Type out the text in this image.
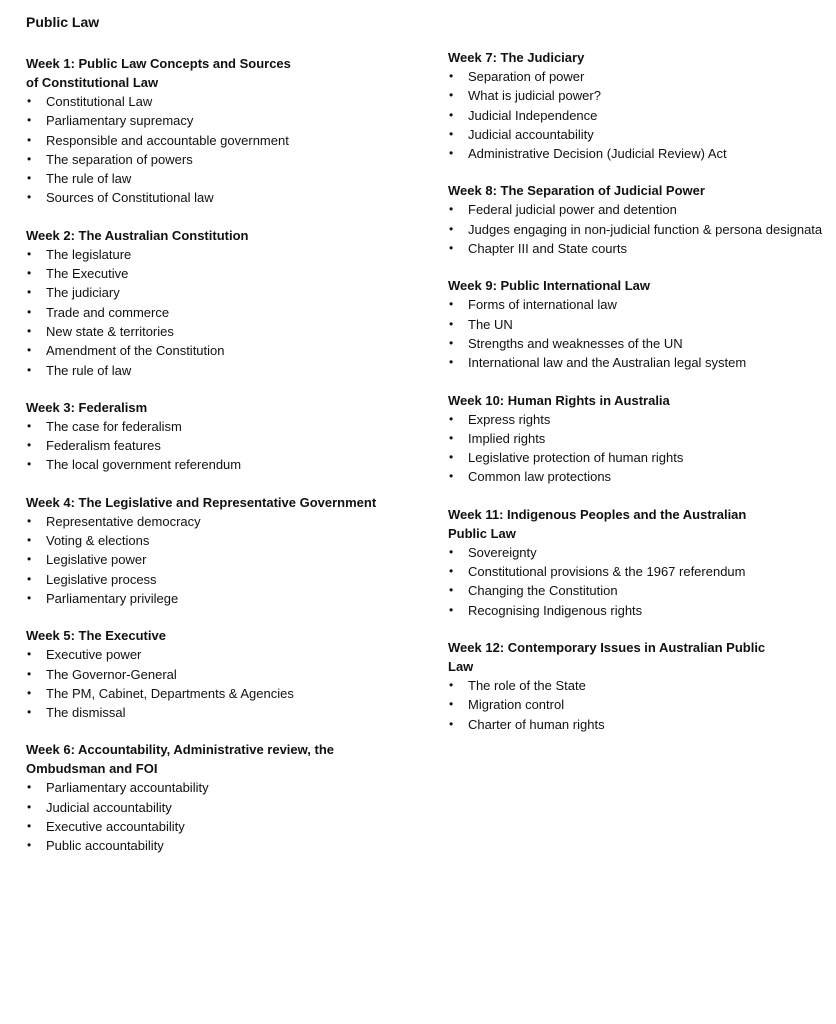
Public Law
Week 1: Public Law Concepts and Sources
of Constitutional Law
• Constitutional Law
• Parliamentary supremacy
• Responsible and accountable government
• The separation of powers
• The rule of law
• Sources of Constitutional law
Week 2: The Australian Constitution
• The legislature
• The Executive
• The judiciary
• Trade and commerce
• New state & territories
• Amendment of the Constitution
• The rule of law
Week 3: Federalism
• The case for federalism
• Federalism features
• The local government referendum
Week 4: The Legislative and Representative Government
• Representative democracy
• Voting & elections
• Legislative power
• Legislative process
• Parliamentary privilege
Week 5: The Executive
• Executive power
• The Governor-General
• The PM, Cabinet, Departments & Agencies
• The dismissal
Week 6: Accountability, Administrative review, the
Ombudsman and FOI
• Parliamentary accountability
• Judicial accountability
• Executive accountability
• Public accountability
Week 7: The Judiciary
• Separation of power
• What is judicial power?
• Judicial Independence
• Judicial accountability
• Administrative Decision (Judicial Review) Act
Week 8: The Separation of Judicial Power
• Federal judicial power and detention
• Judges engaging in non-judicial function & persona designata
• Chapter III and State courts
Week 9: Public International Law
• Forms of international law
• The UN
• Strengths and weaknesses of the UN
• International law and the Australian legal system
Week 10: Human Rights in Australia
• Express rights
• Implied rights
• Legislative protection of human rights
• Common law protections
Week 11: Indigenous Peoples and the Australian
Public Law
• Sovereignty
• Constitutional provisions & the 1967 referendum
• Changing the Constitution
• Recognising Indigenous rights
Week 12: Contemporary Issues in Australian Public
Law
• The role of the State
• Migration control
• Charter of human rights
